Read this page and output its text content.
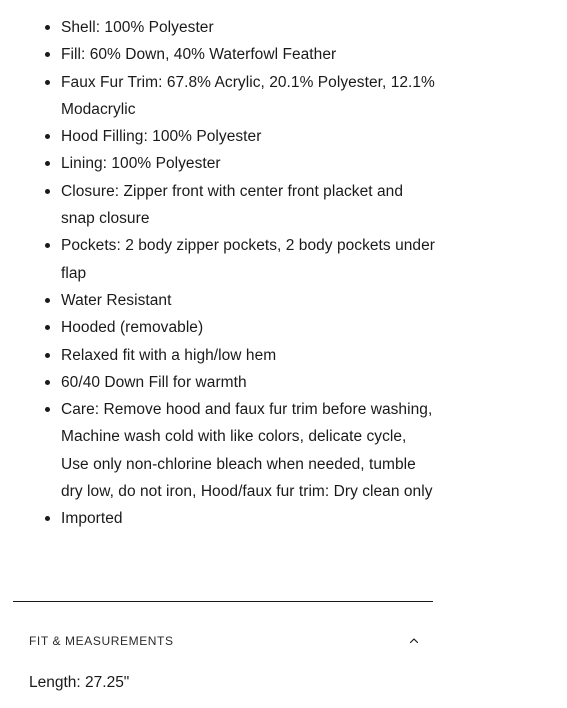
Shell: 100% Polyester
Fill: 60% Down, 40% Waterfowl Feather
Faux Fur Trim: 67.8% Acrylic, 20.1% Polyester, 12.1% Modacrylic
Hood Filling: 100% Polyester
Lining: 100% Polyester
Closure: Zipper front with center front placket and snap closure
Pockets: 2 body zipper pockets, 2 body pockets under flap
Water Resistant
Hooded (removable)
Relaxed fit with a high/low hem
60/40 Down Fill for warmth
Care: Remove hood and faux fur trim before washing, Machine wash cold with like colors, delicate cycle, Use only non-chlorine bleach when needed, tumble dry low, do not iron, Hood/faux fur trim: Dry clean only
Imported
FIT & MEASUREMENTS
Length: 27.25"
